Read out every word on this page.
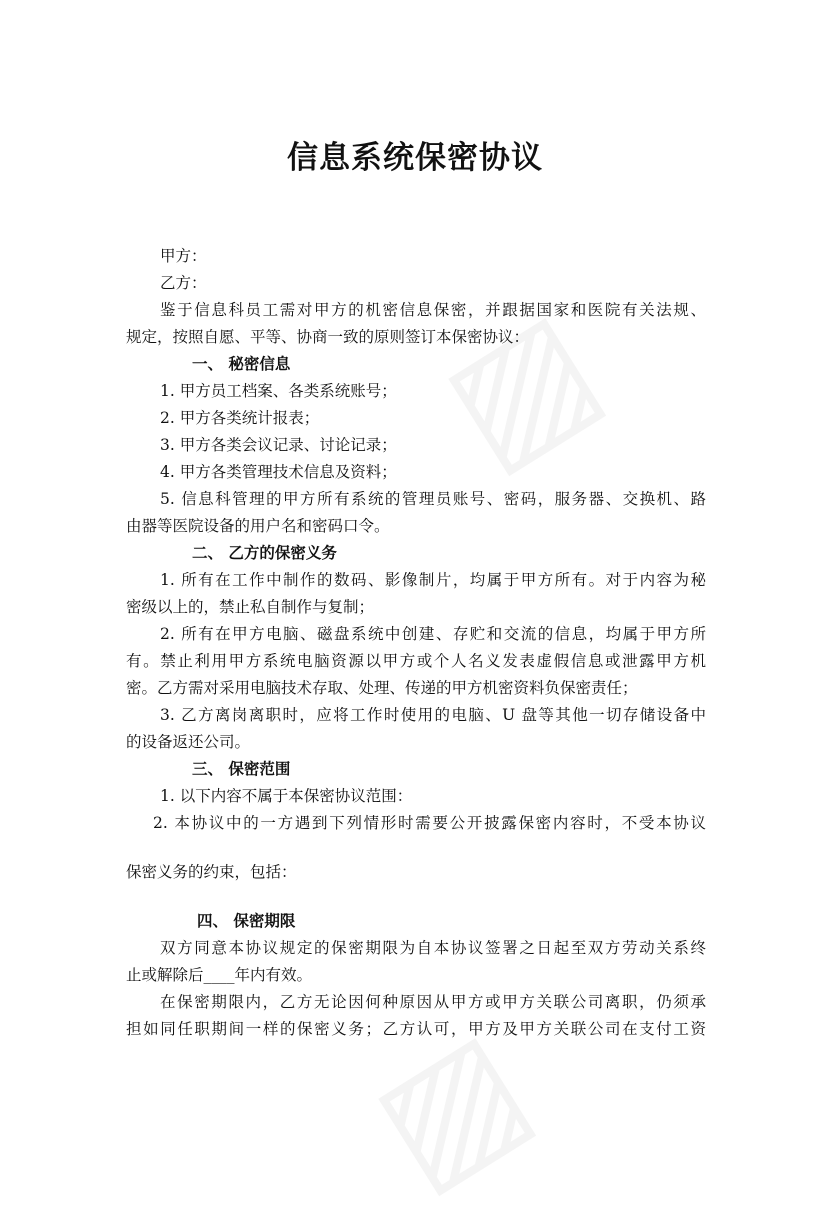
信息系统保密协议
甲方：
乙方：
鉴于信息科员工需对甲方的机密信息保密，并跟据国家和医院有关法规、
规定，按照自愿、平等、协商一致的原则签订本保密协议：
一、 秘密信息
1. 甲方员工档案、各类系统账号；
2. 甲方各类统计报表；
3. 甲方各类会议记录、讨论记录；
4. 甲方各类管理技术信息及资料；
5. 信息科管理的甲方所有系统的管理员账号、密码，服务器、交换机、路
由器等医院设备的用户名和密码口令。
二、 乙方的保密义务
1. 所有在工作中制作的数码、影像制片，均属于甲方所有。对于内容为秘
密级以上的，禁止私自制作与复制；
2. 所有在甲方电脑、磁盘系统中创建、存贮和交流的信息，均属于甲方所
有。禁止利用甲方系统电脑资源以甲方或个人名义发表虚假信息或泄露甲方机
密。乙方需对采用电脑技术存取、处理、传递的甲方机密资料负保密责任；
3. 乙方离岗离职时，应将工作时使用的电脑、U 盘等其他一切存储设备中
的设备返还公司。
三、 保密范围
1. 以下内容不属于本保密协议范围：
2. 本协议中的一方遇到下列情形时需要公开披露保密内容时，不受本协议
保密义务的约束，包括：
四、 保密期限
双方同意本协议规定的保密期限为自本协议签署之日起至双方劳动关系终
止或解除后____年内有效。
在保密期限内，乙方无论因何种原因从甲方或甲方关联公司离职，仍须承
担如同任职期间一样的保密义务；乙方认可，甲方及甲方关联公司在支付工资
